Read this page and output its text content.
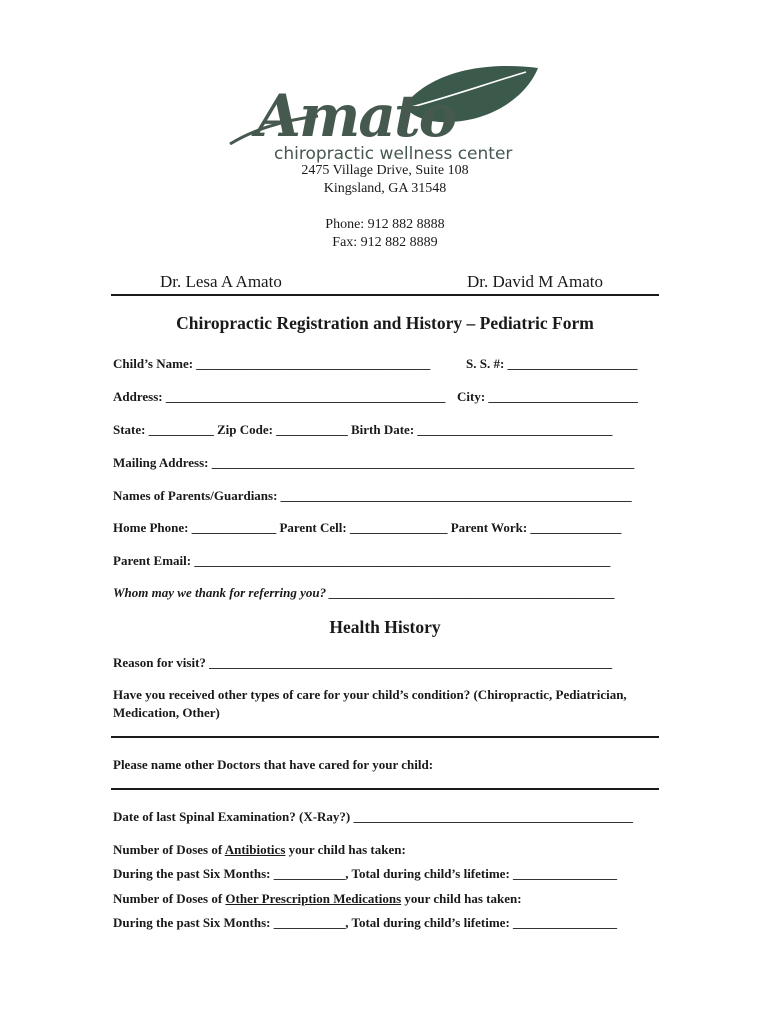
Amato
chiropractic wellness center
2475 Village Drive, Suite 108
Kingsland, GA 31548
Phone: 912 882 8888
Fax: 912 882 8889
Dr. Lesa A Amato	Dr. David M Amato
Chiropractic Registration and History – Pediatric Form
Child’s Name: ____________________________________	S. S. #: ____________________
Address: ___________________________________________ City: _______________________
State: __________ Zip Code: ___________ Birth Date: ______________________________
Mailing Address: _________________________________________________________________
Names of Parents/Guardians: ______________________________________________________
Home Phone: _____________ Parent Cell: _______________ Parent Work: ______________
Parent Email: ________________________________________________________________
Whom may we thank for referring you? ____________________________________________
Health History
Reason for visit? ______________________________________________________________
Have you received other types of care for your child’s condition? (Chiropractic, Pediatrician, Medication, Other)
Please name other Doctors that have cared for your child:
Date of last Spinal Examination? (X-Ray?) ___________________________________________
Number of Doses of Antibiotics your child has taken:
During the past Six Months: ___________, Total during child’s lifetime: ________________
Number of Doses of Other Prescription Medications your child has taken:
During the past Six Months: ___________, Total during child’s lifetime: ________________
